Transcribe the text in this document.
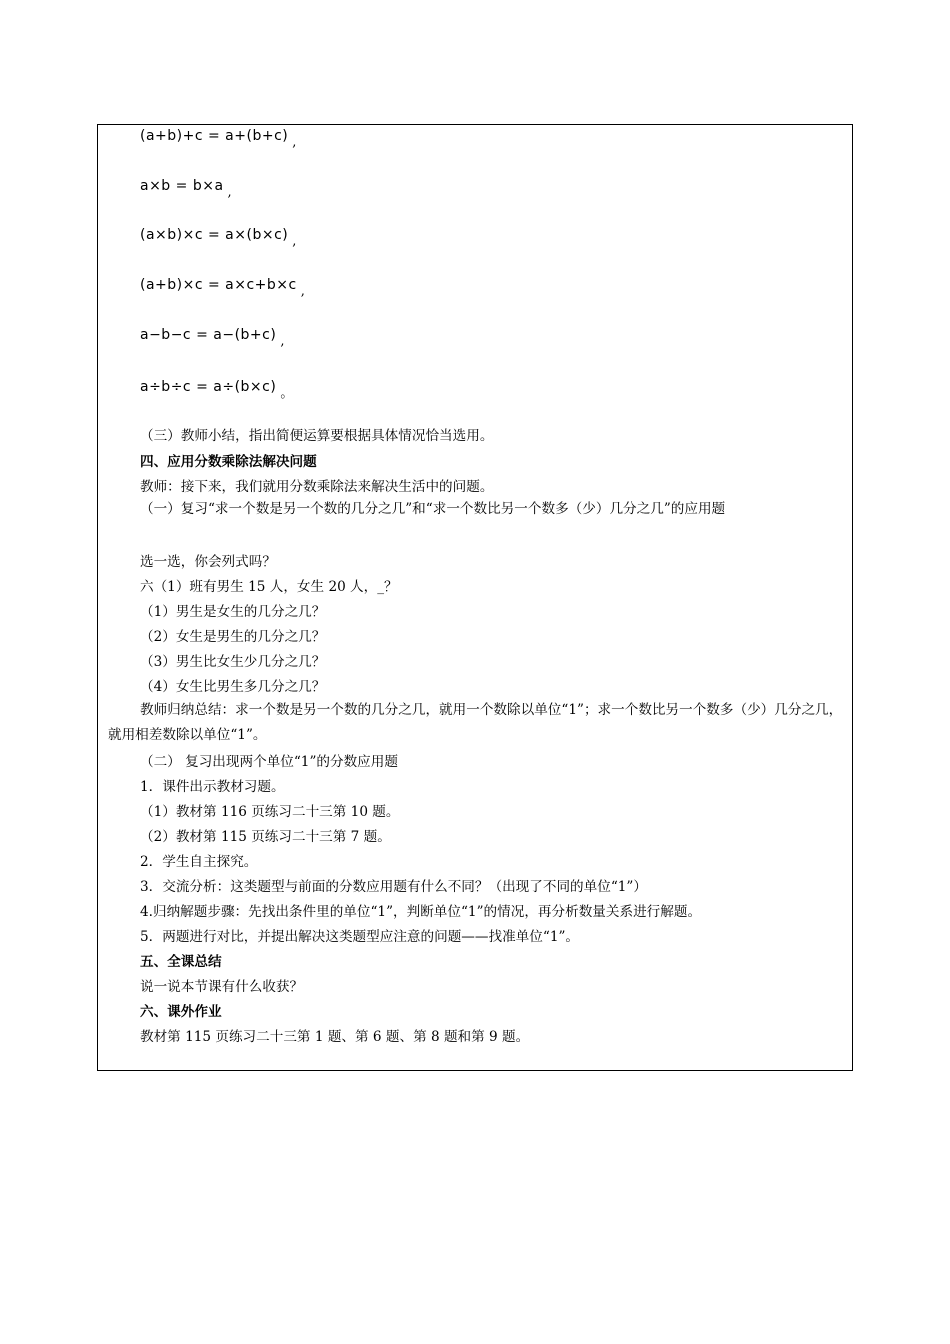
(a+b)+c = a+(b+c) ,
a×b = b×a ,
(a×b)×c = a×(b×c) ,
(a+b)×c = a×c+b×c ,
a−b−c = a−(b+c) ,
a÷b÷c = a÷(b×c) 。
（三）教师小结，指出简便运算要根据具体情况恰当选用。
四、应用分数乘除法解决问题
教师：接下来，我们就用分数乘除法来解决生活中的问题。
（一）复习“求一个数是另一个数的几分之几”和“求一个数比另一个数多（少）几分之几”的应用题
选一选，你会列式吗？
六（1）班有男生 15 人，女生 20 人，_？
（1）男生是女生的几分之几？
（2）女生是男生的几分之几？
（3）男生比女生少几分之几？
（4）女生比男生多几分之几？
教师归纳总结：求一个数是另一个数的几分之几，就用一个数除以单位“1”；求一个数比另一个数多（少）几分之几，就用相差数除以单位“1”。
（二） 复习出现两个单位“1”的分数应用题
1．课件出示教材习题。
（1）教材第 116 页练习二十三第 10 题。
（2）教材第 115 页练习二十三第 7 题。
2．学生自主探究。
3．交流分析：这类题型与前面的分数应用题有什么不同？（出现了不同的单位“1”）
4.归纳解题步骤：先找出条件里的单位“1”，判断单位“1”的情况，再分析数量关系进行解题。
5．两题进行对比，并提出解决这类题型应注意的问题——找准单位“1”。
五、全课总结
说一说本节课有什么收获？
六、课外作业
教材第 115 页练习二十三第 1 题、第 6 题、第 8 题和第 9 题。
